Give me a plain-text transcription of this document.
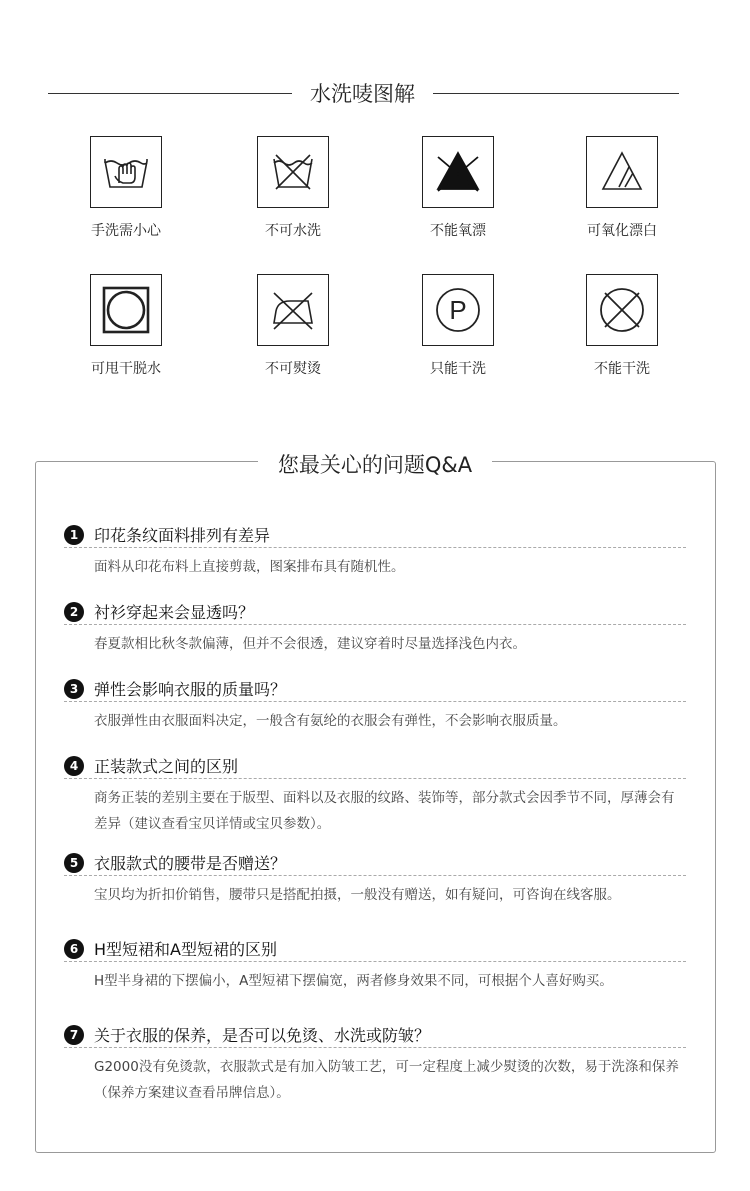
水洗唛图解
手洗需小心	不可水洗	不能氧漂	可氧化漂白
可甩干脱水	不可熨烫
P
只能干洗	不能干洗
您最关心的问题Q&A
1 印花条纹面料排列有差异
面料从印花布料上直接剪裁，图案排布具有随机性。
2 衬衫穿起来会显透吗？
春夏款相比秋冬款偏薄，但并不会很透，建议穿着时尽量选择浅色内衣。
3 弹性会影响衣服的质量吗？
衣服弹性由衣服面料决定，一般含有氨纶的衣服会有弹性，不会影响衣服质量。
4 正装款式之间的区别
商务正装的差别主要在于版型、面料以及衣服的纹路、装饰等，部分款式会因季节不同，厚薄会有差异（建议查看宝贝详情或宝贝参数）。
5 衣服款式的腰带是否赠送？
宝贝均为折扣价销售，腰带只是搭配拍摄，一般没有赠送，如有疑问，可咨询在线客服。
6 H型短裙和A型短裙的区别
H型半身裙的下摆偏小，A型短裙下摆偏宽，两者修身效果不同，可根据个人喜好购买。
7 关于衣服的保养，是否可以免烫、水洗或防皱？
G2000没有免烫款，衣服款式是有加入防皱工艺，可一定程度上减少熨烫的次数，易于洗涤和保养（保养方案建议查看吊牌信息）。
